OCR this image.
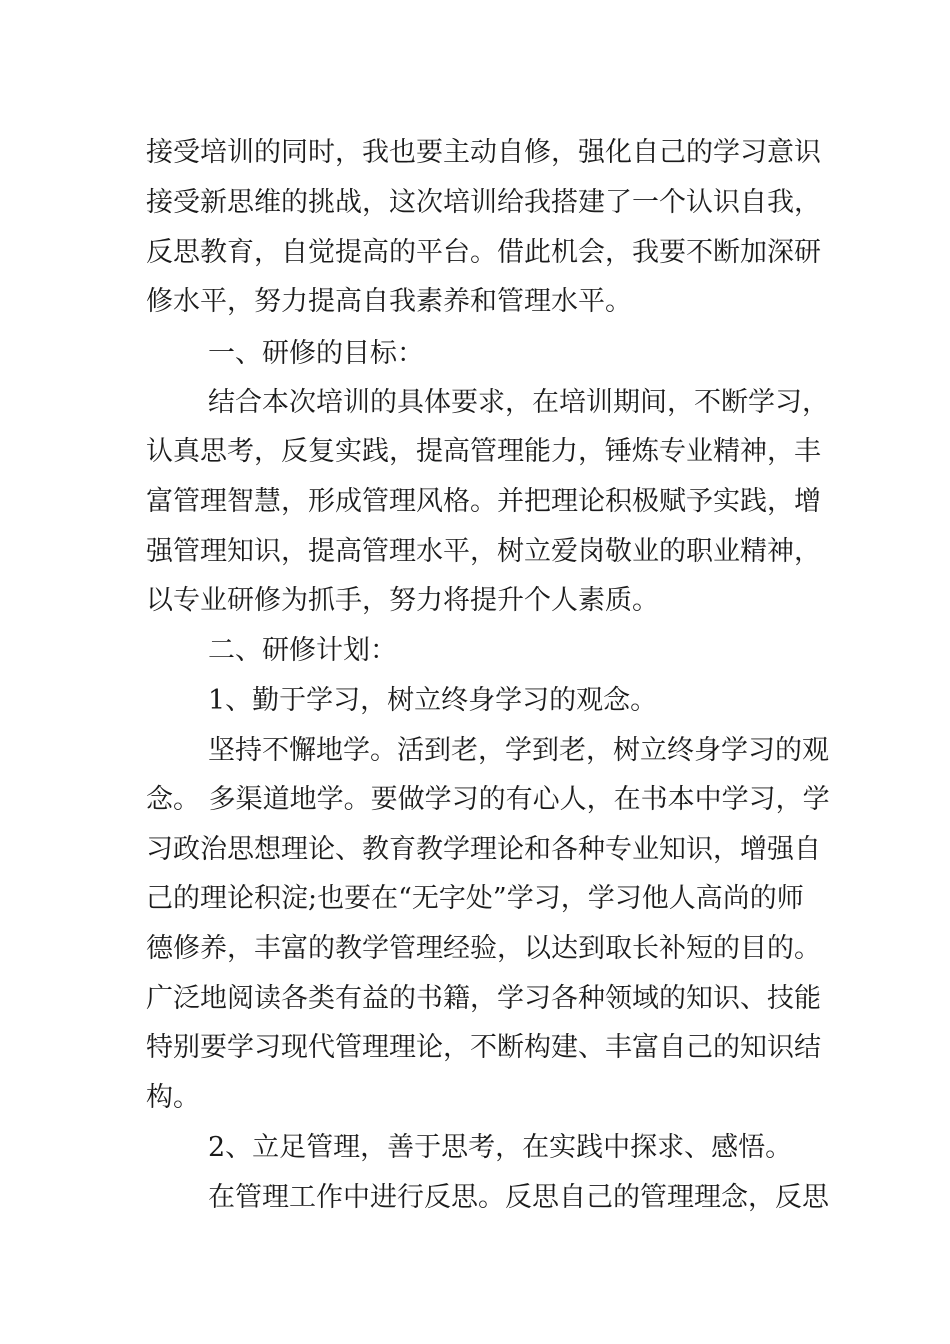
接受培训的同时，我也要主动自修，强化自己的学习意识
接受新思维的挑战，这次培训给我搭建了一个认识自我，
反思教育，自觉提高的平台。借此机会，我要不断加深研
修水平，努力提高自我素养和管理水平。
一、研修的目标：
结合本次培训的具体要求，在培训期间，不断学习，
认真思考，反复实践，提高管理能力，锤炼专业精神，丰
富管理智慧，形成管理风格。并把理论积极赋予实践，增
强管理知识，提高管理水平，树立爱岗敬业的职业精神，
以专业研修为抓手，努力将提升个人素质。
二、研修计划：
1、勤于学习，树立终身学习的观念。
坚持不懈地学。活到老，学到老，树立终身学习的观
念。 多渠道地学。要做学习的有心人，在书本中学习，学
习政治思想理论、教育教学理论和各种专业知识，增强自
己的理论积淀;也要在“无字处”学习，学习他人高尚的师
德修养，丰富的教学管理经验，以达到取长补短的目的。
广泛地阅读各类有益的书籍，学习各种领域的知识、技能
特别要学习现代管理理论，不断构建、丰富自己的知识结
构。
2、立足管理，善于思考，在实践中探求、感悟。
在管理工作中进行反思。反思自己的管理理念，反思
